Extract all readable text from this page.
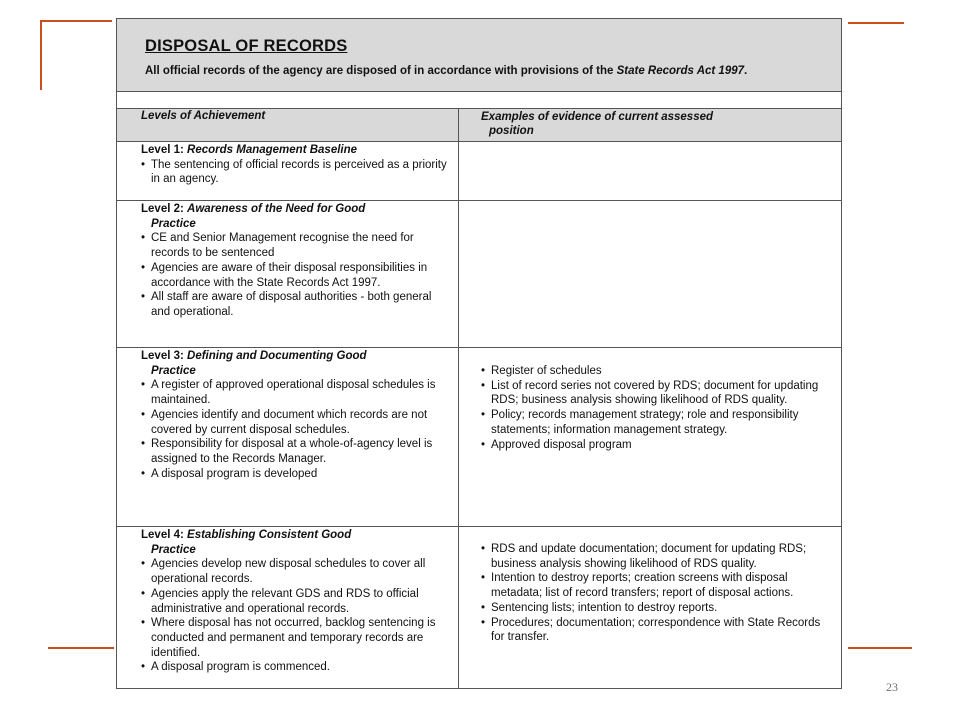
DISPOSAL OF RECORDS
All official records of the agency are disposed of in accordance with provisions of the State Records Act 1997.
Levels of Achievement	Examples of evidence of current assessed
position
Level 1: Records Management Baseline
• The sentencing of official records is perceived as a priority in an agency.
Level 2: Awareness of the Need for Good
Practice
• CE and Senior Management recognise the need for records to be sentenced
• Agencies are aware of their disposal responsibilities in accordance with the State Records Act 1997.
• All staff are aware of disposal authorities - both general and operational.
Level 3: Defining and Documenting Good
Practice
• A register of approved operational disposal schedules is maintained.
• Agencies identify and document which records are not covered by current disposal schedules.
• Responsibility for disposal at a whole-of-agency level is assigned to the Records Manager.
• A disposal program is developed
• Register of schedules
• List of record series not covered by RDS; document for updating RDS; business analysis showing likelihood of RDS quality.
• Policy; records management strategy; role and responsibility statements; information management strategy.
• Approved disposal program
Level 4: Establishing Consistent Good
Practice
• Agencies develop new disposal schedules to cover all operational records.
• Agencies apply the relevant GDS and RDS to official administrative and operational records.
• Where disposal has not occurred, backlog sentencing is conducted and permanent and temporary records are identified.
• A disposal program is commenced.
• RDS and update documentation; document for updating RDS; business analysis showing likelihood of RDS quality.
• Intention to destroy reports; creation screens with disposal metadata; list of record transfers; report of disposal actions.
• Sentencing lists; intention to destroy reports.
• Procedures; documentation; correspondence with State Records for transfer.
23
